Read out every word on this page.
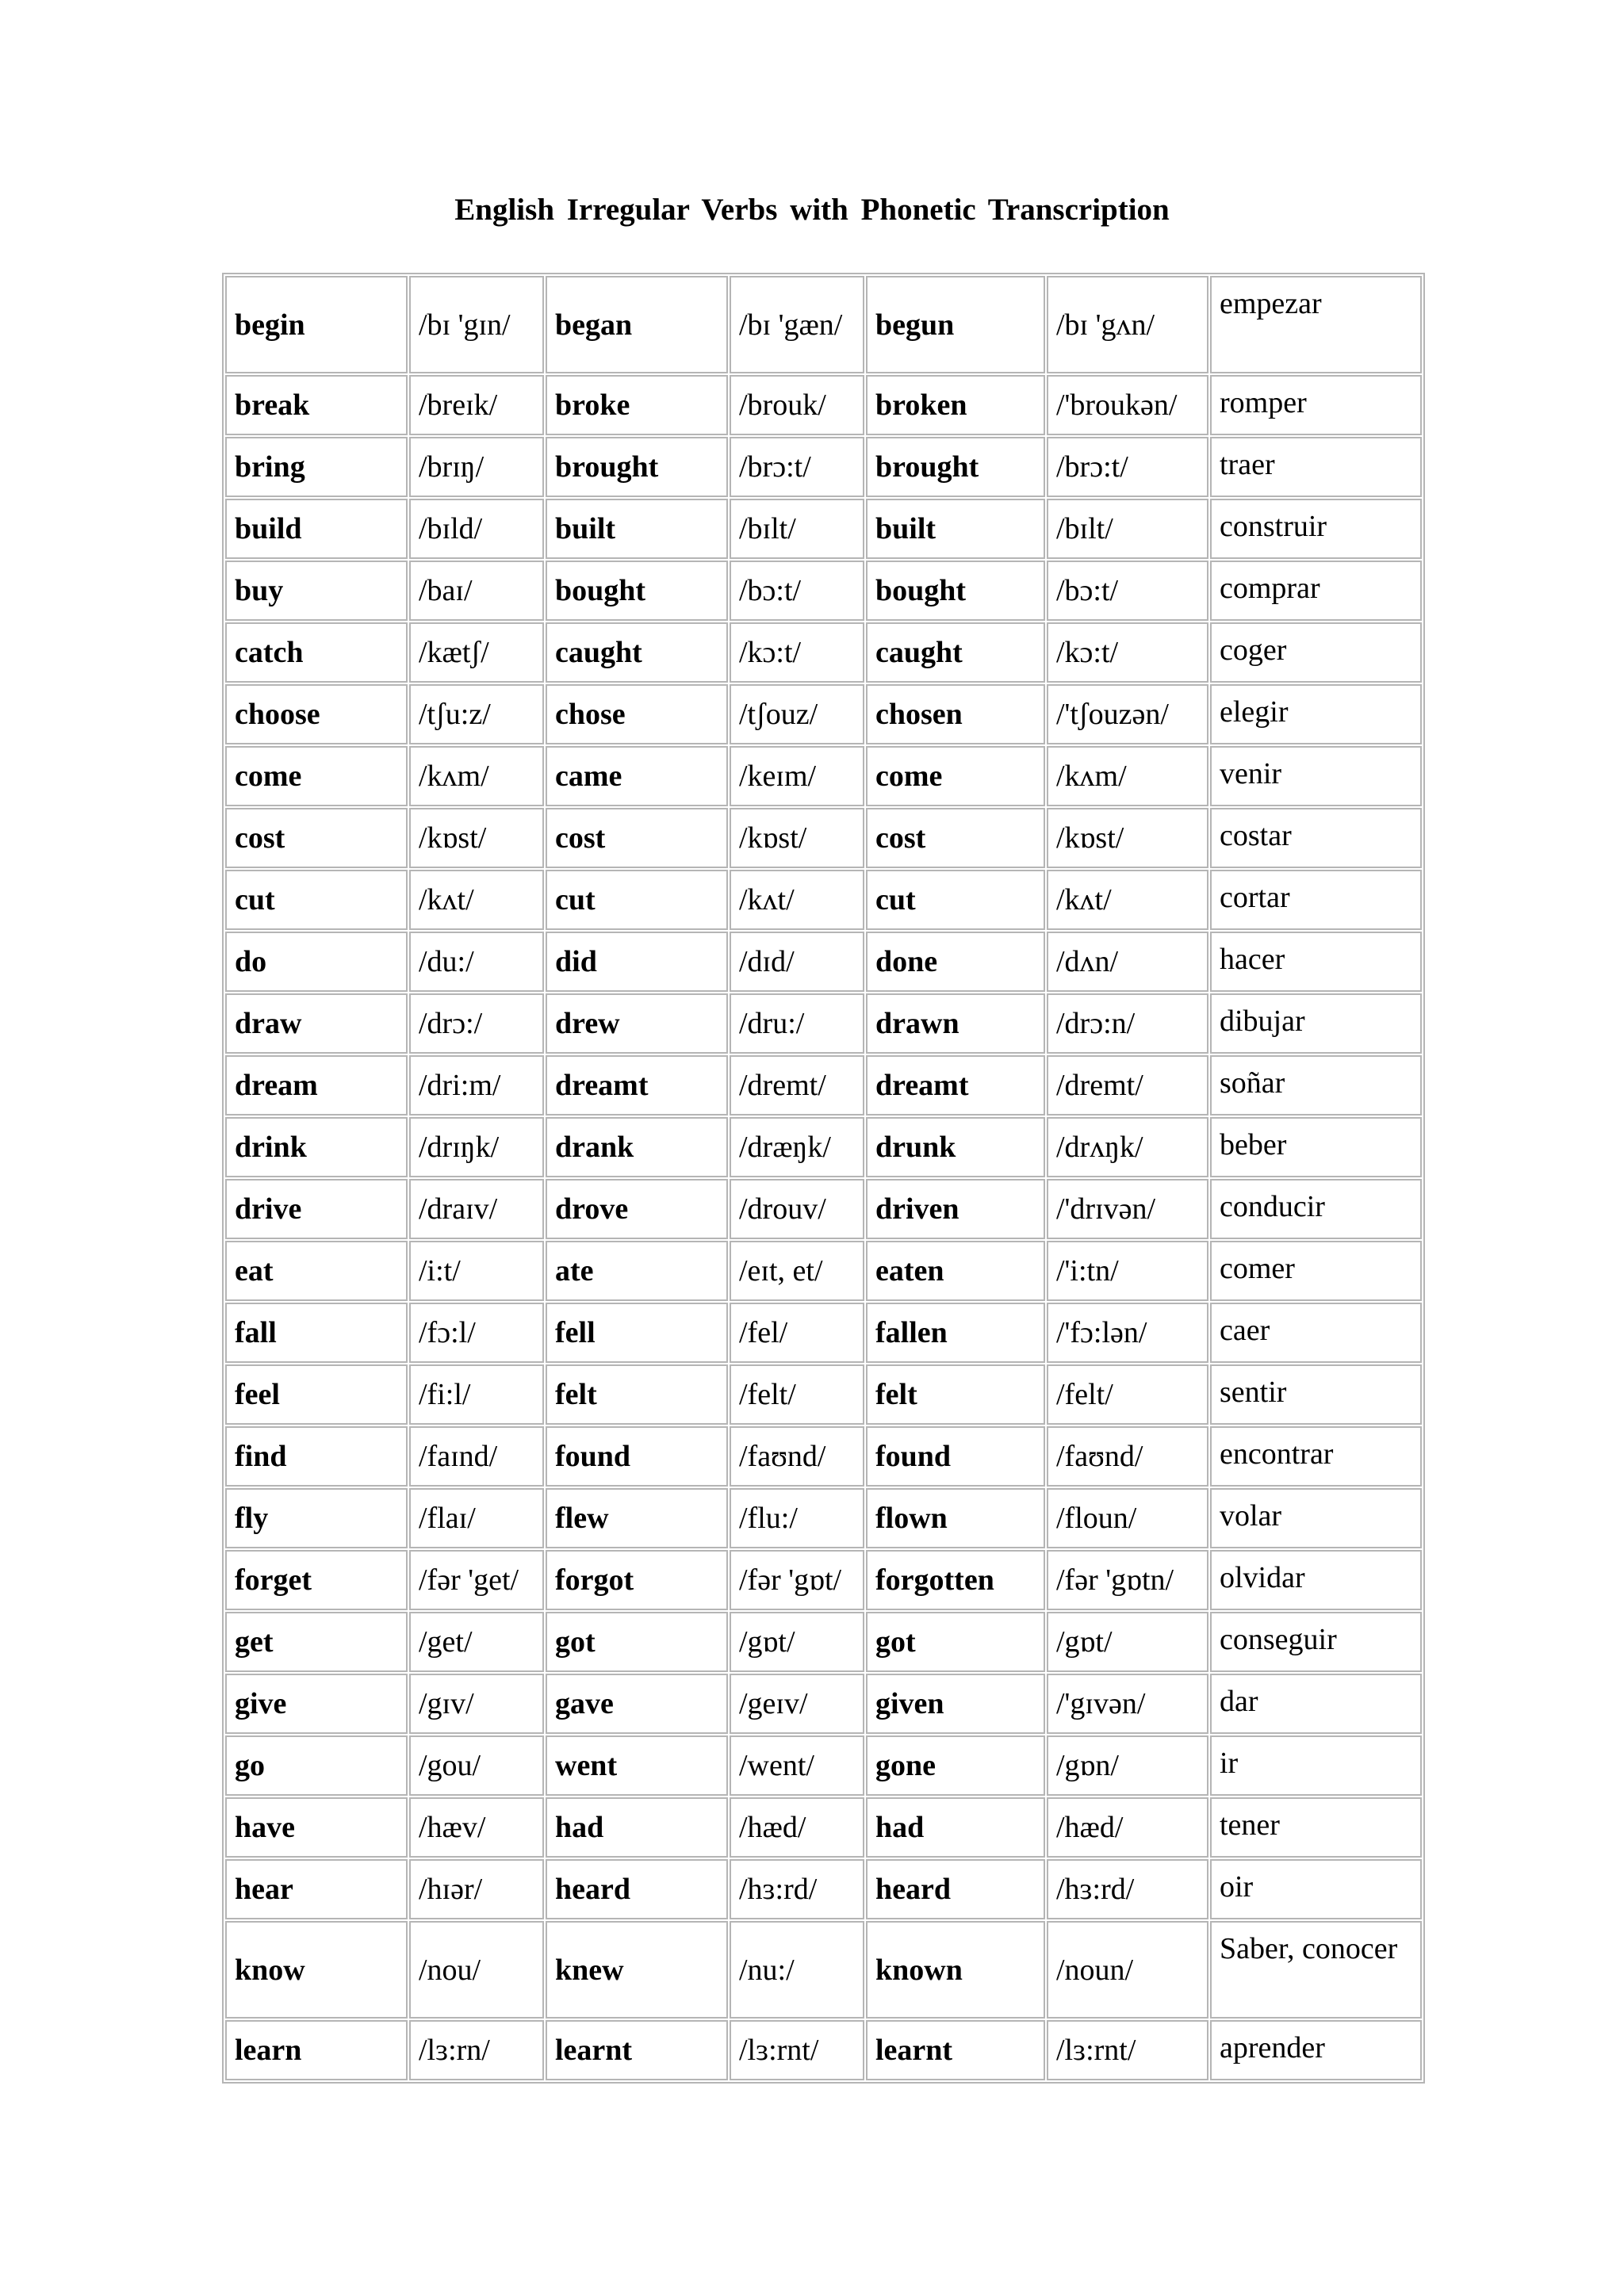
English Irregular Verbs with Phonetic Transcription
begin	/bɪ 'gɪn/	began	/bɪ 'gæn/	begun	/bɪ 'gʌn/	empezar
break	/breɪk/	broke	/brouk/	broken	/'broukən/	romper
bring	/brɪŋ/	brought	/brɔ:t/	brought	/brɔ:t/	traer
build	/bɪld/	built	/bɪlt/	built	/bɪlt/	construir
buy	/baɪ/	bought	/bɔ:t/	bought	/bɔ:t/	comprar
catch	/kætʃ/	caught	/kɔ:t/	caught	/kɔ:t/	coger
choose	/tʃu:z/	chose	/tʃouz/	chosen	/'tʃouzən/	elegir
come	/kʌm/	came	/keɪm/	come	/kʌm/	venir
cost	/kɒst/	cost	/kɒst/	cost	/kɒst/	costar
cut	/kʌt/	cut	/kʌt/	cut	/kʌt/	cortar
do	/du:/	did	/dɪd/	done	/dʌn/	hacer
draw	/drɔ:/	drew	/dru:/	drawn	/drɔ:n/	dibujar
dream	/dri:m/	dreamt	/dremt/	dreamt	/dremt/	soñar
drink	/drɪŋk/	drank	/dræŋk/	drunk	/drʌŋk/	beber
drive	/draɪv/	drove	/drouv/	driven	/'drɪvən/	conducir
eat	/i:t/	ate	/eɪt, et/	eaten	/'i:tn/	comer
fall	/fɔ:l/	fell	/fel/	fallen	/'fɔ:lən/	caer
feel	/fi:l/	felt	/felt/	felt	/felt/	sentir
find	/faɪnd/	found	/faʊnd/	found	/faʊnd/	encontrar
fly	/flaɪ/	flew	/flu:/	flown	/floun/	volar
forget	/fər 'get/	forgot	/fər 'gɒt/	forgotten	/fər 'gɒtn/	olvidar
get	/get/	got	/gɒt/	got	/gɒt/	conseguir
give	/gɪv/	gave	/geɪv/	given	/'gɪvən/	dar
go	/gou/	went	/went/	gone	/gɒn/	ir
have	/hæv/	had	/hæd/	had	/hæd/	tener
hear	/hɪər/	heard	/hɜ:rd/	heard	/hɜ:rd/	oir
know	/nou/	knew	/nu:/	known	/noun/	Saber, conocer
learn	/lɜ:rn/	learnt	/lɜ:rnt/	learnt	/lɜ:rnt/	aprender
